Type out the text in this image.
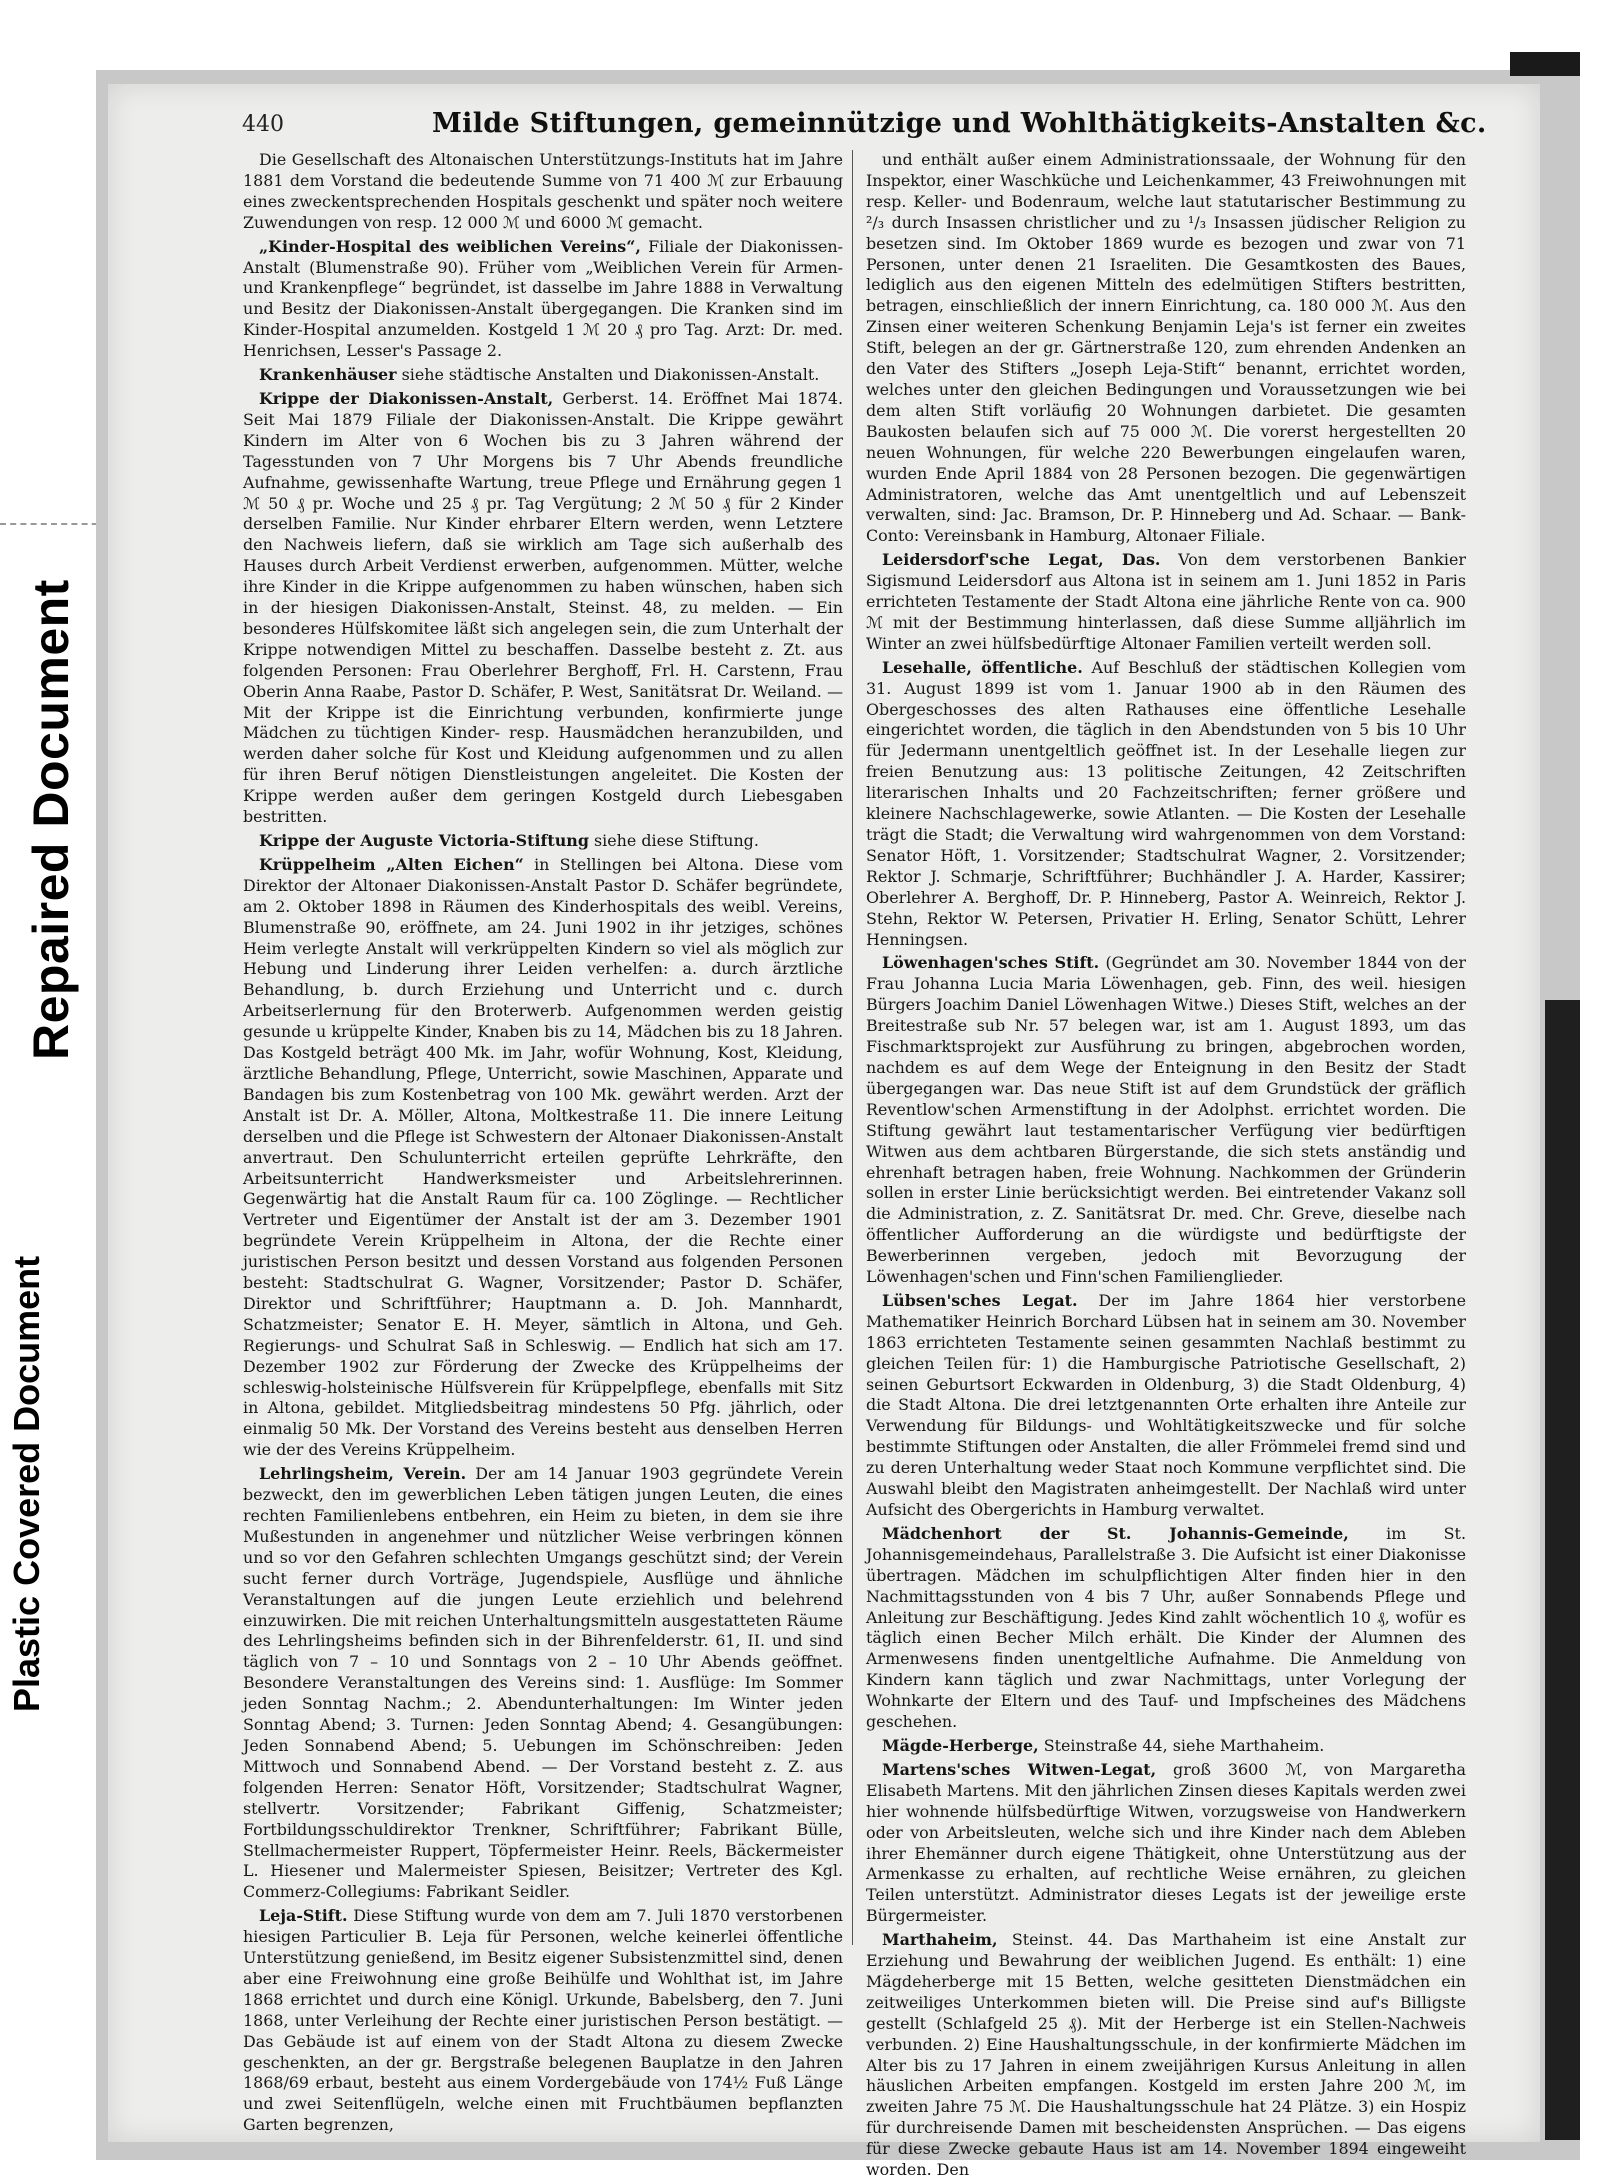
Repaired Document
Plastic Covered Document
440	Milde Stiftungen, gemeinnützige und Wohlthätigkeits-Anstalten &c.

Die Gesellschaft des Altonaischen Unterstützungs-Instituts hat im Jahre 1881 dem Vorstand die bedeutende Summe von 71 400 ℳ zur Erbauung eines zweckentsprechenden Hospitals geschenkt und später noch weitere Zuwendungen von resp. 12 000 ℳ und 6000 ℳ gemacht.

„Kinder-Hospital des weiblichen Vereins“, Filiale der Diakonissen-Anstalt (Blumenstraße 90). Früher vom „Weiblichen Verein für Armen- und Krankenpflege“ begründet, ist dasselbe im Jahre 1888 in Verwaltung und Besitz der Diakonissen-Anstalt übergegangen. Die Kranken sind im Kinder-Hospital anzumelden. Kostgeld 1 ℳ 20 ₰ pro Tag. Arzt: Dr. med. Henrichsen, Lesser's Passage 2.

Krankenhäuser siehe städtische Anstalten und Diakonissen-Anstalt.

Krippe der Diakonissen-Anstalt, Gerberst. 14. Eröffnet Mai 1874. Seit Mai 1879 Filiale der Diakonissen-Anstalt. Die Krippe gewährt Kindern im Alter von 6 Wochen bis zu 3 Jahren während der Tagesstunden von 7 Uhr Morgens bis 7 Uhr Abends freundliche Aufnahme, gewissenhafte Wartung, treue Pflege und Ernährung gegen 1 ℳ 50 ₰ pr. Woche und 25 ₰ pr. Tag Vergütung; 2 ℳ 50 ₰ für 2 Kinder derselben Familie. Nur Kinder ehrbarer Eltern werden, wenn Letztere den Nachweis liefern, daß sie wirklich am Tage sich außerhalb des Hauses durch Arbeit Verdienst erwerben, aufgenommen. Mütter, welche ihre Kinder in die Krippe aufgenommen zu haben wünschen, haben sich in der hiesigen Diakonissen-Anstalt, Steinst. 48, zu melden. — Ein besonderes Hülfskomitee läßt sich angelegen sein, die zum Unterhalt der Krippe notwendigen Mittel zu beschaffen. Dasselbe besteht z. Zt. aus folgenden Personen: Frau Oberlehrer Berghoff, Frl. H. Carstenn, Frau Oberin Anna Raabe, Pastor D. Schäfer, P. West, Sanitätsrat Dr. Weiland. — Mit der Krippe ist die Einrichtung verbunden, konfirmierte junge Mädchen zu tüchtigen Kinder- resp. Hausmädchen heranzubilden, und werden daher solche für Kost und Kleidung aufgenommen und zu allen für ihren Beruf nötigen Dienstleistungen angeleitet. Die Kosten der Krippe werden außer dem geringen Kostgeld durch Liebesgaben bestritten.

Krippe der Auguste Victoria-Stiftung siehe diese Stiftung.

Krüppelheim „Alten Eichen“ in Stellingen bei Altona. Diese vom Direktor der Altonaer Diakonissen-Anstalt Pastor D. Schäfer begründete, am 2. Oktober 1898 in Räumen des Kinderhospitals des weibl. Vereins, Blumenstraße 90, eröffnete, am 24. Juni 1902 in ihr jetziges, schönes Heim verlegte Anstalt will verkrüppelten Kindern so viel als möglich zur Hebung und Linderung ihrer Leiden verhelfen: a. durch ärztliche Behandlung, b. durch Erziehung und Unterricht und c. durch Arbeitserlernung für den Broterwerb. Aufgenommen werden geistig gesunde u krüppelte Kinder, Knaben bis zu 14, Mädchen bis zu 18 Jahren. Das Kostgeld beträgt 400 Mk. im Jahr, wofür Wohnung, Kost, Kleidung, ärztliche Behandlung, Pflege, Unterricht, sowie Maschinen, Apparate und Bandagen bis zum Kostenbetrag von 100 Mk. gewährt werden. Arzt der Anstalt ist Dr. A. Möller, Altona, Moltkestraße 11. Die innere Leitung derselben und die Pflege ist Schwestern der Altonaer Diakonissen-Anstalt anvertraut. Den Schulunterricht erteilen geprüfte Lehrkräfte, den Arbeitsunterricht Handwerksmeister und Arbeitslehrerinnen. Gegenwärtig hat die Anstalt Raum für ca. 100 Zöglinge. — Rechtlicher Vertreter und Eigentümer der Anstalt ist der am 3. Dezember 1901 begründete Verein Krüppelheim in Altona, der die Rechte einer juristischen Person besitzt und dessen Vorstand aus folgenden Personen besteht: Stadtschulrat G. Wagner, Vorsitzender; Pastor D. Schäfer, Direktor und Schriftführer; Hauptmann a. D. Joh. Mannhardt, Schatzmeister; Senator E. H. Meyer, sämtlich in Altona, und Geh. Regierungs- und Schulrat Saß in Schleswig. — Endlich hat sich am 17. Dezember 1902 zur Förderung der Zwecke des Krüppelheims der schleswig-holsteinische Hülfsverein für Krüppelpflege, ebenfalls mit Sitz in Altona, gebildet. Mitgliedsbeitrag mindestens 50 Pfg. jährlich, oder einmalig 50 Mk. Der Vorstand des Vereins besteht aus denselben Herren wie der des Vereins Krüppelheim.

Lehrlingsheim, Verein. Der am 14 Januar 1903 gegründete Verein bezweckt, den im gewerblichen Leben tätigen jungen Leuten, die eines rechten Familienlebens entbehren, ein Heim zu bieten, in dem sie ihre Mußestunden in angenehmer und nützlicher Weise verbringen können und so vor den Gefahren schlechten Umgangs geschützt sind; der Verein sucht ferner durch Vorträge, Jugendspiele, Ausflüge und ähnliche Veranstaltungen auf die jungen Leute erziehlich und belehrend einzuwirken. Die mit reichen Unterhaltungsmitteln ausgestatteten Räume des Lehrlingsheims befinden sich in der Bihrenfelderstr. 61, II. und sind täglich von 7 – 10 und Sonntags von 2 – 10 Uhr Abends geöffnet. Besondere Veranstaltungen des Vereins sind: 1. Ausflüge: Im Sommer jeden Sonntag Nachm.; 2. Abendunterhaltungen: Im Winter jeden Sonntag Abend; 3. Turnen: Jeden Sonntag Abend; 4. Gesangübungen: Jeden Sonnabend Abend; 5. Uebungen im Schönschreiben: Jeden Mittwoch und Sonnabend Abend. — Der Vorstand besteht z. Z. aus folgenden Herren: Senator Höft, Vorsitzender; Stadtschulrat Wagner, stellvertr. Vorsitzender; Fabrikant Giffenig, Schatzmeister; Fortbildungsschuldirektor Trenkner, Schriftführer; Fabrikant Bülle, Stellmachermeister Ruppert, Töpfermeister Heinr. Reels, Bäckermeister L. Hiesener und Malermeister Spiesen, Beisitzer; Vertreter des Kgl. Commerz-Collegiums: Fabrikant Seidler.

Leja-Stift. Diese Stiftung wurde von dem am 7. Juli 1870 verstorbenen hiesigen Particulier B. Leja für Personen, welche keinerlei öffentliche Unterstützung genießend, im Besitz eigener Subsistenzmittel sind, denen aber eine Freiwohnung eine große Beihülfe und Wohlthat ist, im Jahre 1868 errichtet und durch eine Königl. Urkunde, Babelsberg, den 7. Juni 1868, unter Verleihung der Rechte einer juristischen Person bestätigt. — Das Gebäude ist auf einem von der Stadt Altona zu diesem Zwecke geschenkten, an der gr. Bergstraße belegenen Bauplatze in den Jahren 1868/69 erbaut, besteht aus einem Vordergebäude von 174½ Fuß Länge und zwei Seitenflügeln, welche einen mit Fruchtbäumen bepflanzten Garten begrenzen,

und enthält außer einem Administrationssaale, der Wohnung für den Inspektor, einer Waschküche und Leichenkammer, 43 Freiwohnungen mit resp. Keller- und Bodenraum, welche laut statutarischer Bestimmung zu ²/₃ durch Insassen christlicher und zu ¹/₃ Insassen jüdischer Religion zu besetzen sind. Im Oktober 1869 wurde es bezogen und zwar von 71 Personen, unter denen 21 Israeliten. Die Gesamtkosten des Baues, lediglich aus den eigenen Mitteln des edelmütigen Stifters bestritten, betragen, einschließlich der innern Einrichtung, ca. 180 000 ℳ. Aus den Zinsen einer weiteren Schenkung Benjamin Leja's ist ferner ein zweites Stift, belegen an der gr. Gärtnerstraße 120, zum ehrenden Andenken an den Vater des Stifters „Joseph Leja-Stift“ benannt, errichtet worden, welches unter den gleichen Bedingungen und Voraussetzungen wie bei dem alten Stift vorläufig 20 Wohnungen darbietet. Die gesamten Baukosten belaufen sich auf 75 000 ℳ. Die vorerst hergestellten 20 neuen Wohnungen, für welche 220 Bewerbungen eingelaufen waren, wurden Ende April 1884 von 28 Personen bezogen. Die gegenwärtigen Administratoren, welche das Amt unentgeltlich und auf Lebenszeit verwalten, sind: Jac. Bramson, Dr. P. Hinneberg und Ad. Schaar. — Bank-Conto: Vereinsbank in Hamburg, Altonaer Filiale.

Leidersdorf'sche Legat, Das. Von dem verstorbenen Bankier Sigismund Leidersdorf aus Altona ist in seinem am 1. Juni 1852 in Paris errichteten Testamente der Stadt Altona eine jährliche Rente von ca. 900 ℳ mit der Bestimmung hinterlassen, daß diese Summe alljährlich im Winter an zwei hülfsbedürftige Altonaer Familien verteilt werden soll.

Lesehalle, öffentliche. Auf Beschluß der städtischen Kollegien vom 31. August 1899 ist vom 1. Januar 1900 ab in den Räumen des Obergeschosses des alten Rathauses eine öffentliche Lesehalle eingerichtet worden, die täglich in den Abendstunden von 5 bis 10 Uhr für Jedermann unentgeltlich geöffnet ist. In der Lesehalle liegen zur freien Benutzung aus: 13 politische Zeitungen, 42 Zeitschriften literarischen Inhalts und 20 Fachzeitschriften; ferner größere und kleinere Nachschlagewerke, sowie Atlanten. — Die Kosten der Lesehalle trägt die Stadt; die Verwaltung wird wahrgenommen von dem Vorstand: Senator Höft, 1. Vorsitzender; Stadtschulrat Wagner, 2. Vorsitzender; Rektor J. Schmarje, Schriftführer; Buchhändler J. A. Harder, Kassirer; Oberlehrer A. Berghoff, Dr. P. Hinneberg, Pastor A. Weinreich, Rektor J. Stehn, Rektor W. Petersen, Privatier H. Erling, Senator Schütt, Lehrer Henningsen.

Löwenhagen'sches Stift. (Gegründet am 30. November 1844 von der Frau Johanna Lucia Maria Löwenhagen, geb. Finn, des weil. hiesigen Bürgers Joachim Daniel Löwenhagen Witwe.) Dieses Stift, welches an der Breitestraße sub Nr. 57 belegen war, ist am 1. August 1893, um das Fischmarktsprojekt zur Ausführung zu bringen, abgebrochen worden, nachdem es auf dem Wege der Enteignung in den Besitz der Stadt übergegangen war. Das neue Stift ist auf dem Grundstück der gräflich Reventlow'schen Armenstiftung in der Adolphst. errichtet worden. Die Stiftung gewährt laut testamentarischer Verfügung vier bedürftigen Witwen aus dem achtbaren Bürgerstande, die sich stets anständig und ehrenhaft betragen haben, freie Wohnung. Nachkommen der Gründerin sollen in erster Linie berücksichtigt werden. Bei eintretender Vakanz soll die Administration, z. Z. Sanitätsrat Dr. med. Chr. Greve, dieselbe nach öffentlicher Aufforderung an die würdigste und bedürftigste der Bewerberinnen vergeben, jedoch mit Bevorzugung der Löwenhagen'schen und Finn'schen Familienglieder.

Lübsen'sches Legat. Der im Jahre 1864 hier verstorbene Mathematiker Heinrich Borchard Lübsen hat in seinem am 30. November 1863 errichteten Testamente seinen gesammten Nachlaß bestimmt zu gleichen Teilen für: 1) die Hamburgische Patriotische Gesellschaft, 2) seinen Geburtsort Eckwarden in Oldenburg, 3) die Stadt Oldenburg, 4) die Stadt Altona. Die drei letztgenannten Orte erhalten ihre Anteile zur Verwendung für Bildungs- und Wohltätigkeitszwecke und für solche bestimmte Stiftungen oder Anstalten, die aller Frömmelei fremd sind und zu deren Unterhaltung weder Staat noch Kommune verpflichtet sind. Die Auswahl bleibt den Magistraten anheimgestellt. Der Nachlaß wird unter Aufsicht des Obergerichts in Hamburg verwaltet.

Mädchenhort der St. Johannis-Gemeinde, im St. Johannisgemeindehaus, Parallelstraße 3. Die Aufsicht ist einer Diakonisse übertragen. Mädchen im schulpflichtigen Alter finden hier in den Nachmittagsstunden von 4 bis 7 Uhr, außer Sonnabends Pflege und Anleitung zur Beschäftigung. Jedes Kind zahlt wöchentlich 10 ₰, wofür es täglich einen Becher Milch erhält. Die Kinder der Alumnen des Armenwesens finden unentgeltliche Aufnahme. Die Anmeldung von Kindern kann täglich und zwar Nachmittags, unter Vorlegung der Wohnkarte der Eltern und des Tauf- und Impfscheines des Mädchens geschehen.

Mägde-Herberge, Steinstraße 44, siehe Marthaheim.

Martens'sches Witwen-Legat, groß 3600 ℳ, von Margaretha Elisabeth Martens. Mit den jährlichen Zinsen dieses Kapitals werden zwei hier wohnende hülfsbedürftige Witwen, vorzugsweise von Handwerkern oder von Arbeitsleuten, welche sich und ihre Kinder nach dem Ableben ihrer Ehemänner durch eigene Thätigkeit, ohne Unterstützung aus der Armenkasse zu erhalten, auf rechtliche Weise ernähren, zu gleichen Teilen unterstützt. Administrator dieses Legats ist der jeweilige erste Bürgermeister.

Marthaheim, Steinst. 44. Das Marthaheim ist eine Anstalt zur Erziehung und Bewahrung der weiblichen Jugend. Es enthält: 1) eine Mägdeherberge mit 15 Betten, welche gesitteten Dienstmädchen ein zeitweiliges Unterkommen bieten will. Die Preise sind auf's Billigste gestellt (Schlafgeld 25 ₰). Mit der Herberge ist ein Stellen-Nachweis verbunden. 2) Eine Haushaltungsschule, in der konfirmierte Mädchen im Alter bis zu 17 Jahren in einem zweijährigen Kursus Anleitung in allen häuslichen Arbeiten empfangen. Kostgeld im ersten Jahre 200 ℳ, im zweiten Jahre 75 ℳ. Die Haushaltungsschule hat 24 Plätze. 3) ein Hospiz für durchreisende Damen mit bescheidensten Ansprüchen. — Das eigens für diese Zwecke gebaute Haus ist am 14. November 1894 eingeweiht worden. Den
